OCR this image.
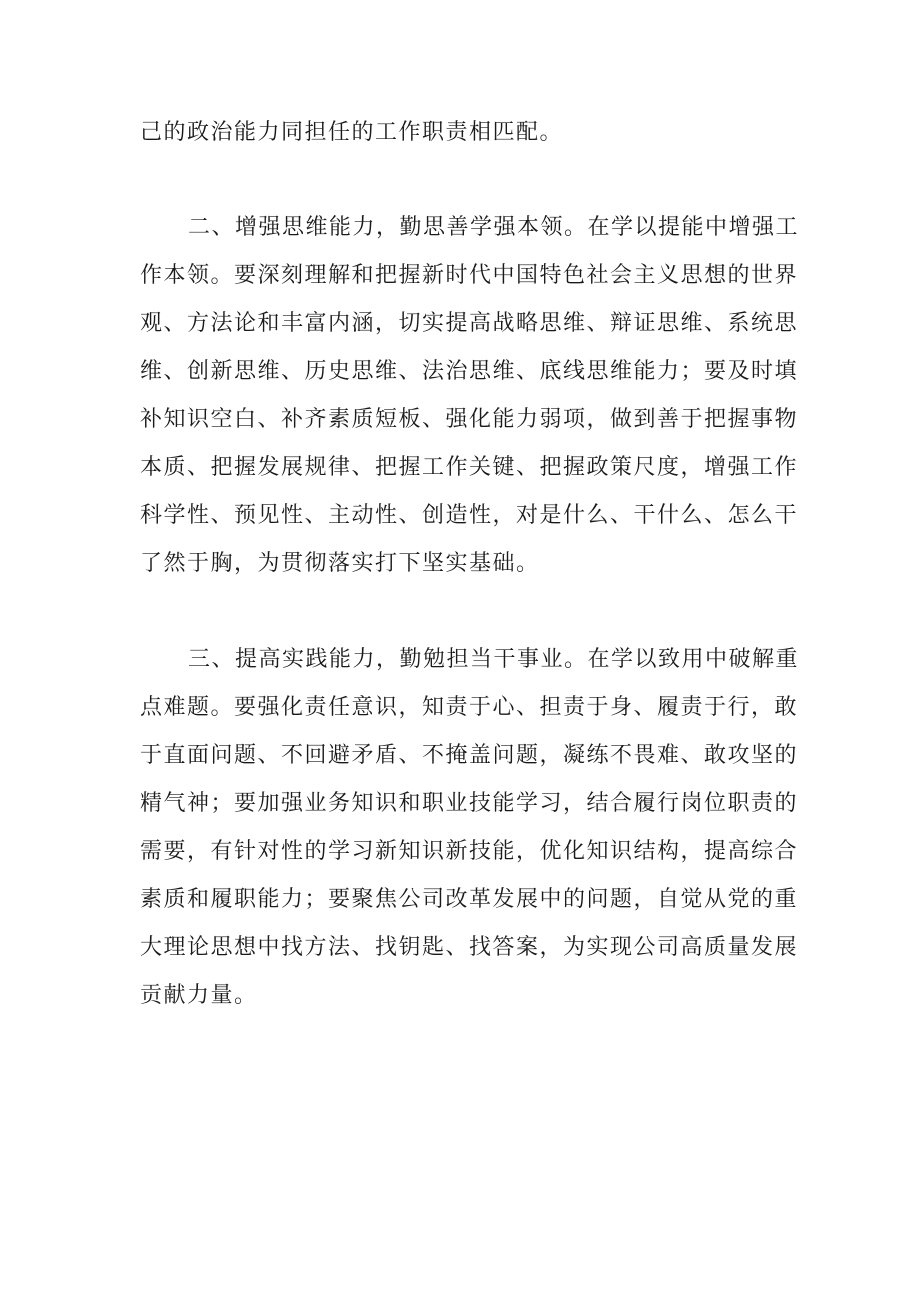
己的政治能力同担任的工作职责相匹配。
二、增强思维能力，勤思善学强本领。在学以提能中增强工
作本领。要深刻理解和把握新时代中国特色社会主义思想的世界
观、方法论和丰富内涵，切实提高战略思维、辩证思维、系统思
维、创新思维、历史思维、法治思维、底线思维能力；要及时填
补知识空白、补齐素质短板、强化能力弱项，做到善于把握事物
本质、把握发展规律、把握工作关键、把握政策尺度，增强工作
科学性、预见性、主动性、创造性，对是什么、干什么、怎么干
了然于胸，为贯彻落实打下坚实基础。
三、提高实践能力，勤勉担当干事业。在学以致用中破解重
点难题。要强化责任意识，知责于心、担责于身、履责于行，敢
于直面问题、不回避矛盾、不掩盖问题，凝练不畏难、敢攻坚的
精气神；要加强业务知识和职业技能学习，结合履行岗位职责的
需要，有针对性的学习新知识新技能，优化知识结构，提高综合
素质和履职能力；要聚焦公司改革发展中的问题，自觉从党的重
大理论思想中找方法、找钥匙、找答案，为实现公司高质量发展
贡献力量。
